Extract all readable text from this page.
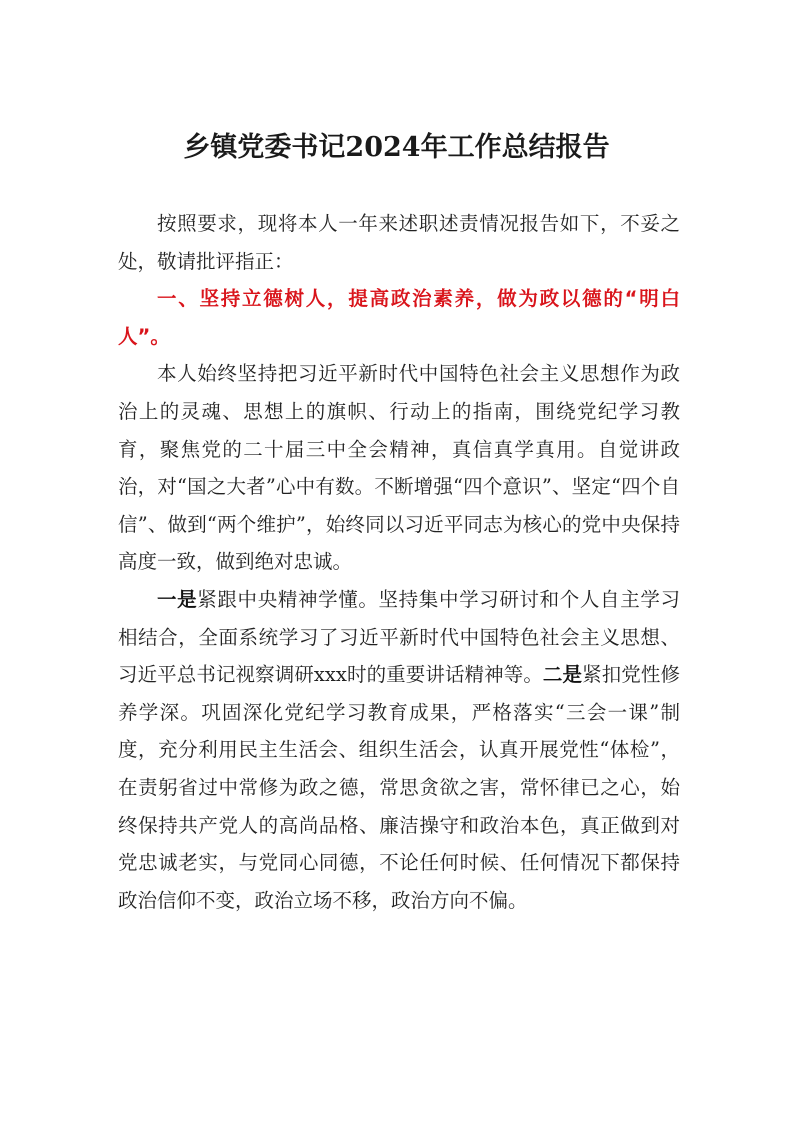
乡镇党委书记2024年工作总结报告

按照要求，现将本人一年来述职述责情况报告如下，不妥之处，敬请批评指正：

一、坚持立德树人，提高政治素养，做为政以德的“明白人”。

本人始终坚持把习近平新时代中国特色社会主义思想作为政治上的灵魂、思想上的旗帜、行动上的指南，围绕党纪学习教育，聚焦党的二十届三中全会精神，真信真学真用。自觉讲政治，对“国之大者”心中有数。不断增强“四个意识”、坚定“四个自信”、做到“两个维护”，始终同以习近平同志为核心的党中央保持高度一致，做到绝对忠诚。

一是紧跟中央精神学懂。坚持集中学习研讨和个人自主学习相结合，全面系统学习了习近平新时代中国特色社会主义思想、习近平总书记视察调研xxx时的重要讲话精神等。二是紧扣党性修养学深。巩固深化党纪学习教育成果，严格落实“三会一课”制度，充分利用民主生活会、组织生活会，认真开展党性“体检”，在责躬省过中常修为政之德，常思贪欲之害，常怀律已之心，始终保持共产党人的高尚品格、廉洁操守和政治本色，真正做到对党忠诚老实，与党同心同德，不论任何时候、任何情况下都保持政治信仰不变，政治立场不移，政治方向不偏。
